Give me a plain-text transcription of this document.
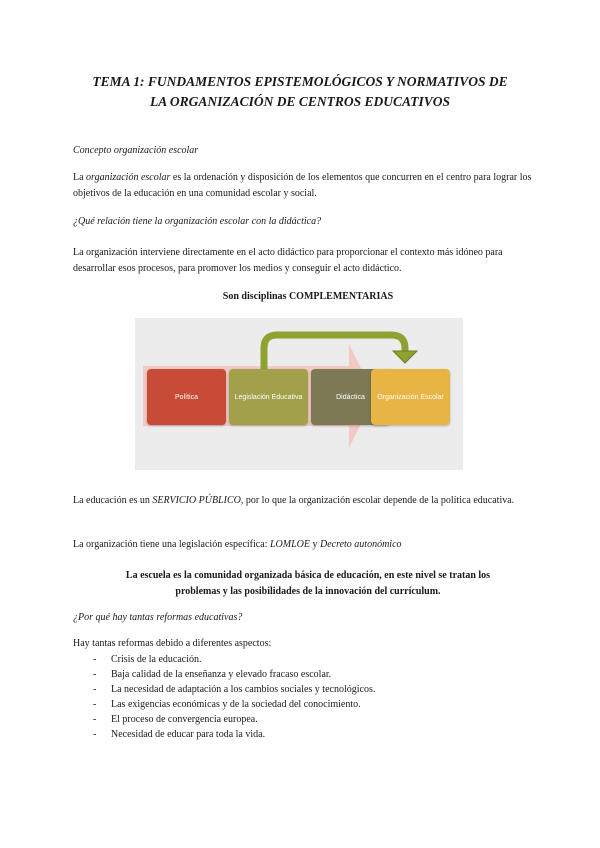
TEMA 1: FUNDAMENTOS EPISTEMOLÓGICOS Y NORMATIVOS DE
LA ORGANIZACIÓN DE CENTROS EDUCATIVOS
Concepto organización escolar
La organización escolar es la ordenación y disposición de los elementos que concurren en el centro para lograr los objetivos de la educación en una comunidad escolar y social.
¿Qué relación tiene la organización escolar con la didáctica?
La organización interviene directamente en el acto didáctico para proporcionar el contexto más idóneo para desarrollar esos procesos, para promover los medios y conseguir el acto didáctico.
Son disciplinas COMPLEMENTARIAS
Política	Legislación Educativa	Didáctica	Organización Escolar
La educación es un SERVICIO PÚBLICO, por lo que la organización escolar depende de la política educativa.
La organización tiene una legislación específica: LOMLOE y Decreto autonómico
La escuela es la comunidad organizada básica de educación, en este nivel se tratan los
problemas y las posibilidades de la innovación del currículum.
¿Por qué hay tantas reformas educativas?
Hay tantas reformas debido a diferentes aspectos:
- Crisis de la educación.
- Baja calidad de la enseñanza y elevado fracaso escolar.
- La necesidad de adaptación a los cambios sociales y tecnológicos.
- Las exigencias económicas y de la sociedad del conocimiento.
- El proceso de convergencia europea.
- Necesidad de educar para toda la vida.
